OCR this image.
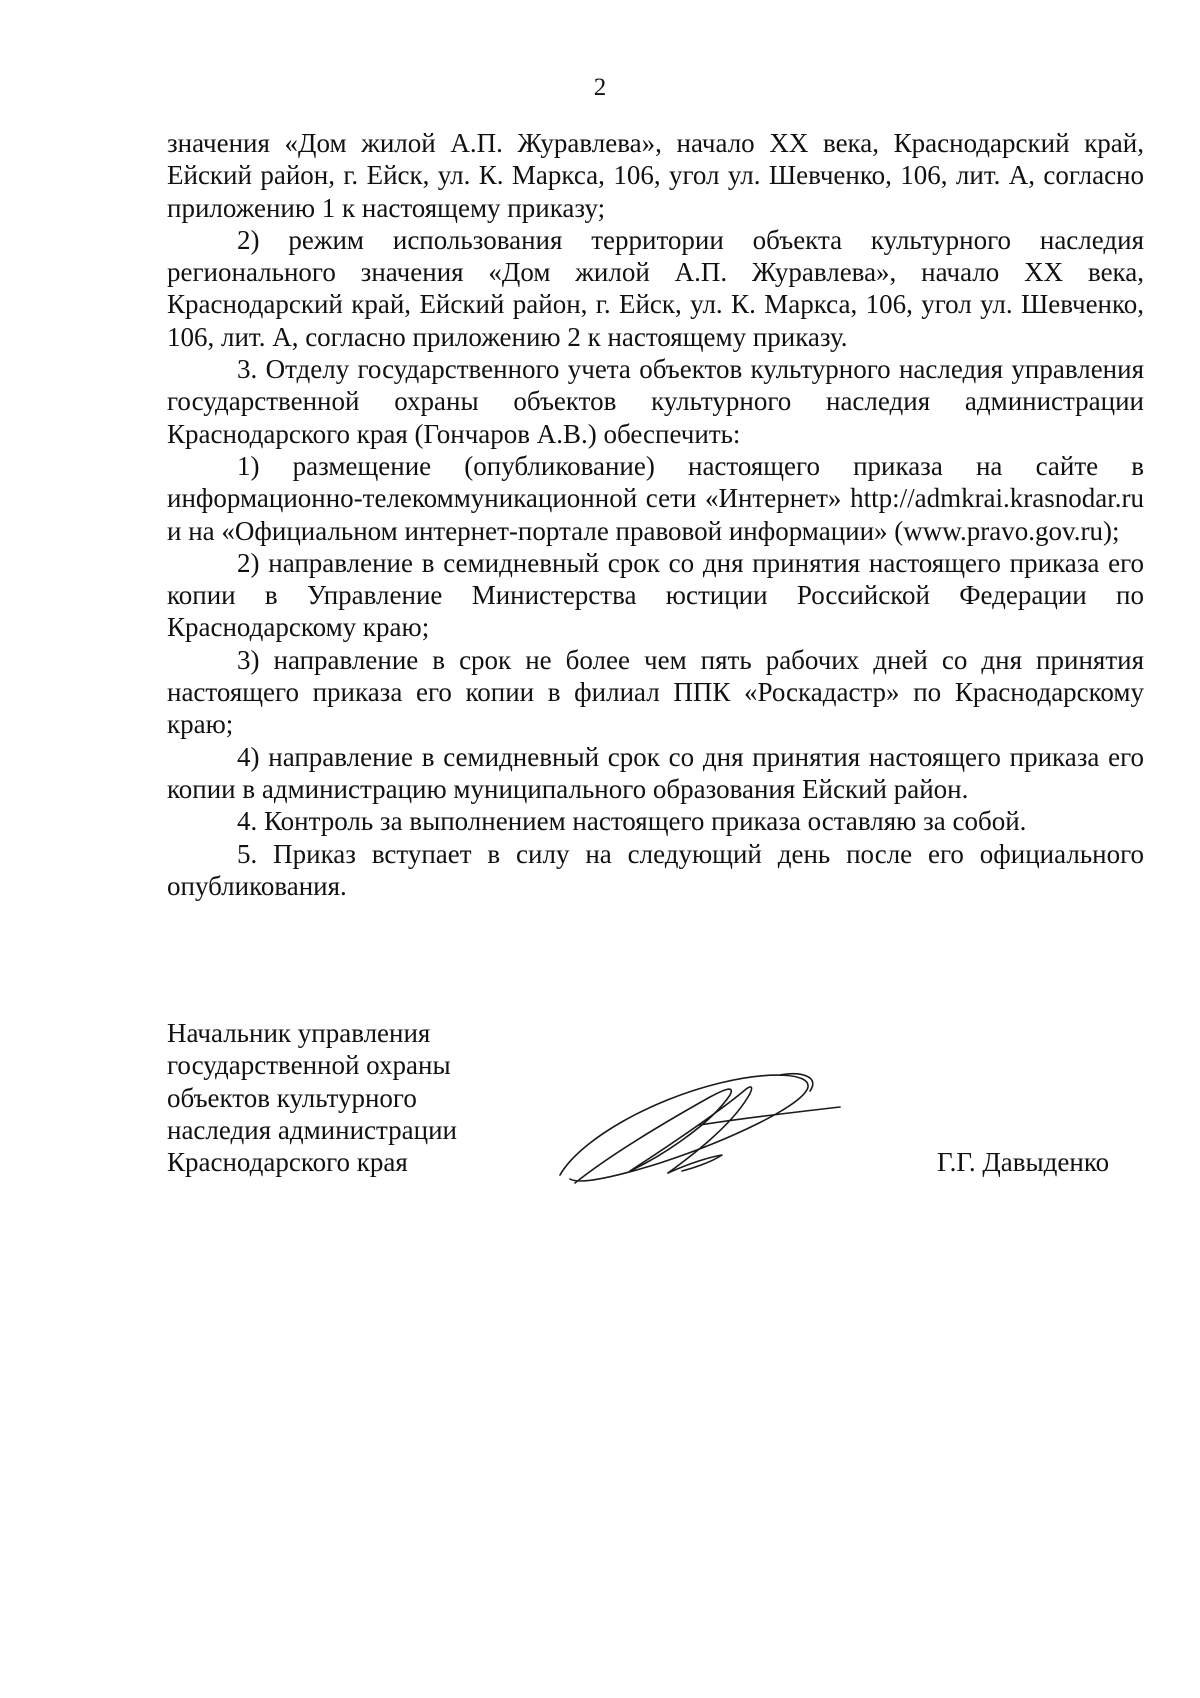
2

значения «Дом жилой А.П. Журавлева», начало XX века, Краснодарский край, Ейский район, г. Ейск, ул. К. Маркса, 106, угол ул. Шевченко, 106, лит. А, согласно приложению 1 к настоящему приказу;

2) режим использования территории объекта культурного наследия регионального значения «Дом жилой А.П. Журавлева», начало XX века, Краснодарский край, Ейский район, г. Ейск, ул. К. Маркса, 106, угол ул. Шевченко, 106, лит. А, согласно приложению 2 к настоящему приказу.

3. Отделу государственного учета объектов культурного наследия управления государственной охраны объектов культурного наследия администрации Краснодарского края (Гончаров А.В.) обеспечить:

1) размещение (опубликование) настоящего приказа на сайте в информационно-телекоммуникационной сети «Интернет» http://admkrai.krasnodar.ru и на «Официальном интернет-портале правовой информации» (www.pravo.gov.ru);

2) направление в семидневный срок со дня принятия настоящего приказа его копии в Управление Министерства юстиции Российской Федерации по Краснодарскому краю;

3) направление в срок не более чем пять рабочих дней со дня принятия настоящего приказа его копии в филиал ППК «Роскадастр» по Краснодарскому краю;

4) направление в семидневный срок со дня принятия настоящего приказа его копии в администрацию муниципального образования Ейский район.

4. Контроль за выполнением настоящего приказа оставляю за собой.

5. Приказ вступает в силу на следующий день после его официального опубликования.

Начальник управления
государственной охраны
объектов культурного
наследия администрации
Краснодарского края	Г.Г. Давыденко
